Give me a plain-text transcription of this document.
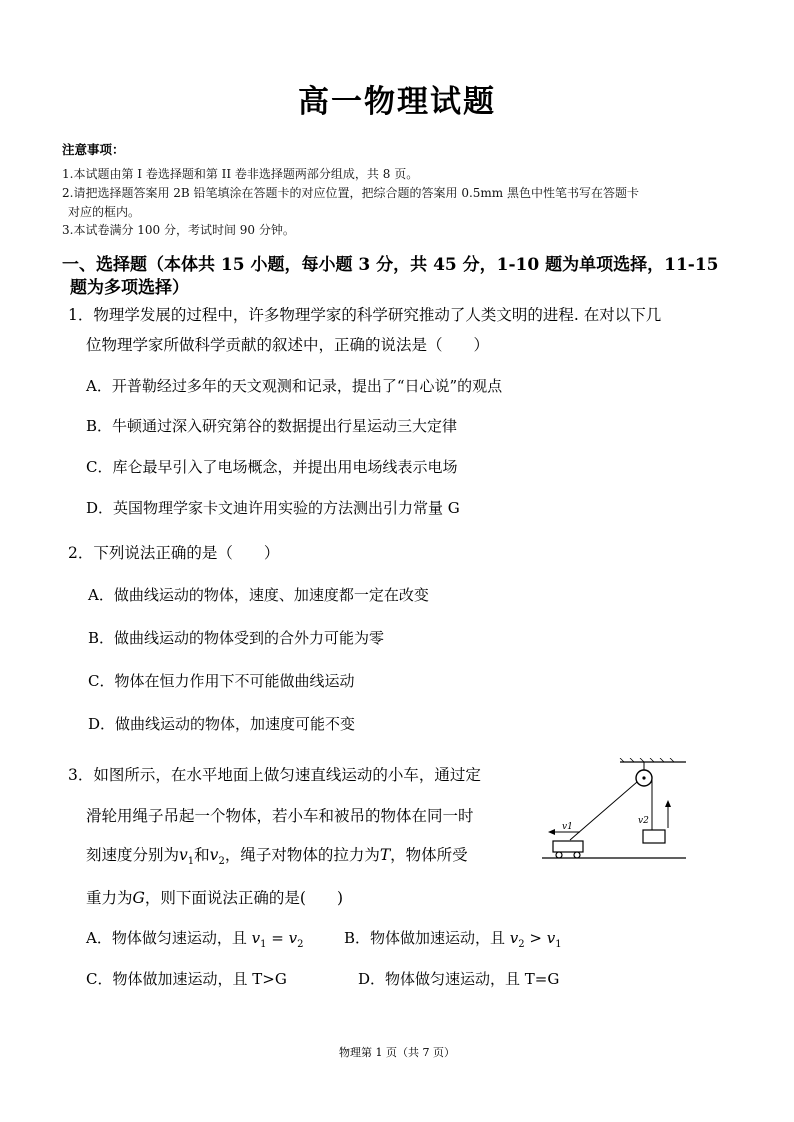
高一物理试题
注意事项：
1.本试题由第 I 卷选择题和第 II 卷非选择题两部分组成，共 8 页。
2.请把选择题答案用 2B 铅笔填涂在答题卡的对应位置，把综合题的答案用 0.5mm 黑色中性笔书写在答题卡
对应的框内。
3.本试卷满分 100 分，考试时间 90 分钟。
一、选择题（本体共 15 小题，每小题 3 分，共 45 分，1-10 题为单项选择，11-15
题为多项选择）
1．物理学发展的过程中，许多物理学家的科学研究推动了人类文明的进程. 在对以下几
位物理学家所做科学贡献的叙述中，正确的说法是（　　）
A．开普勒经过多年的天文观测和记录，提出了“日心说”的观点
B．牛顿通过深入研究第谷的数据提出行星运动三大定律
C．库仑最早引入了电场概念，并提出用电场线表示电场
D．英国物理学家卡文迪许用实验的方法测出引力常量 G
2．下列说法正确的是（　　）
A．做曲线运动的物体，速度、加速度都一定在改变
B．做曲线运动的物体受到的合外力可能为零
C．物体在恒力作用下不可能做曲线运动
D．做曲线运动的物体，加速度可能不变
3．如图所示，在水平地面上做匀速直线运动的小车，通过定
滑轮用绳子吊起一个物体，若小车和被吊的物体在同一时
刻速度分别为$v_1$和$v_2$，绳子对物体的拉力为T，物体所受
重力为G，则下面说法正确的是(　　)
A．物体做匀速运动，且 $v_1 = v_2$	B．物体做加速运动，且 $v_2 > v_1$
C．物体做加速运动，且 T>G	D．物体做匀速运动，且 T=G
v2
v1
物理第 1 页（共 7 页）
